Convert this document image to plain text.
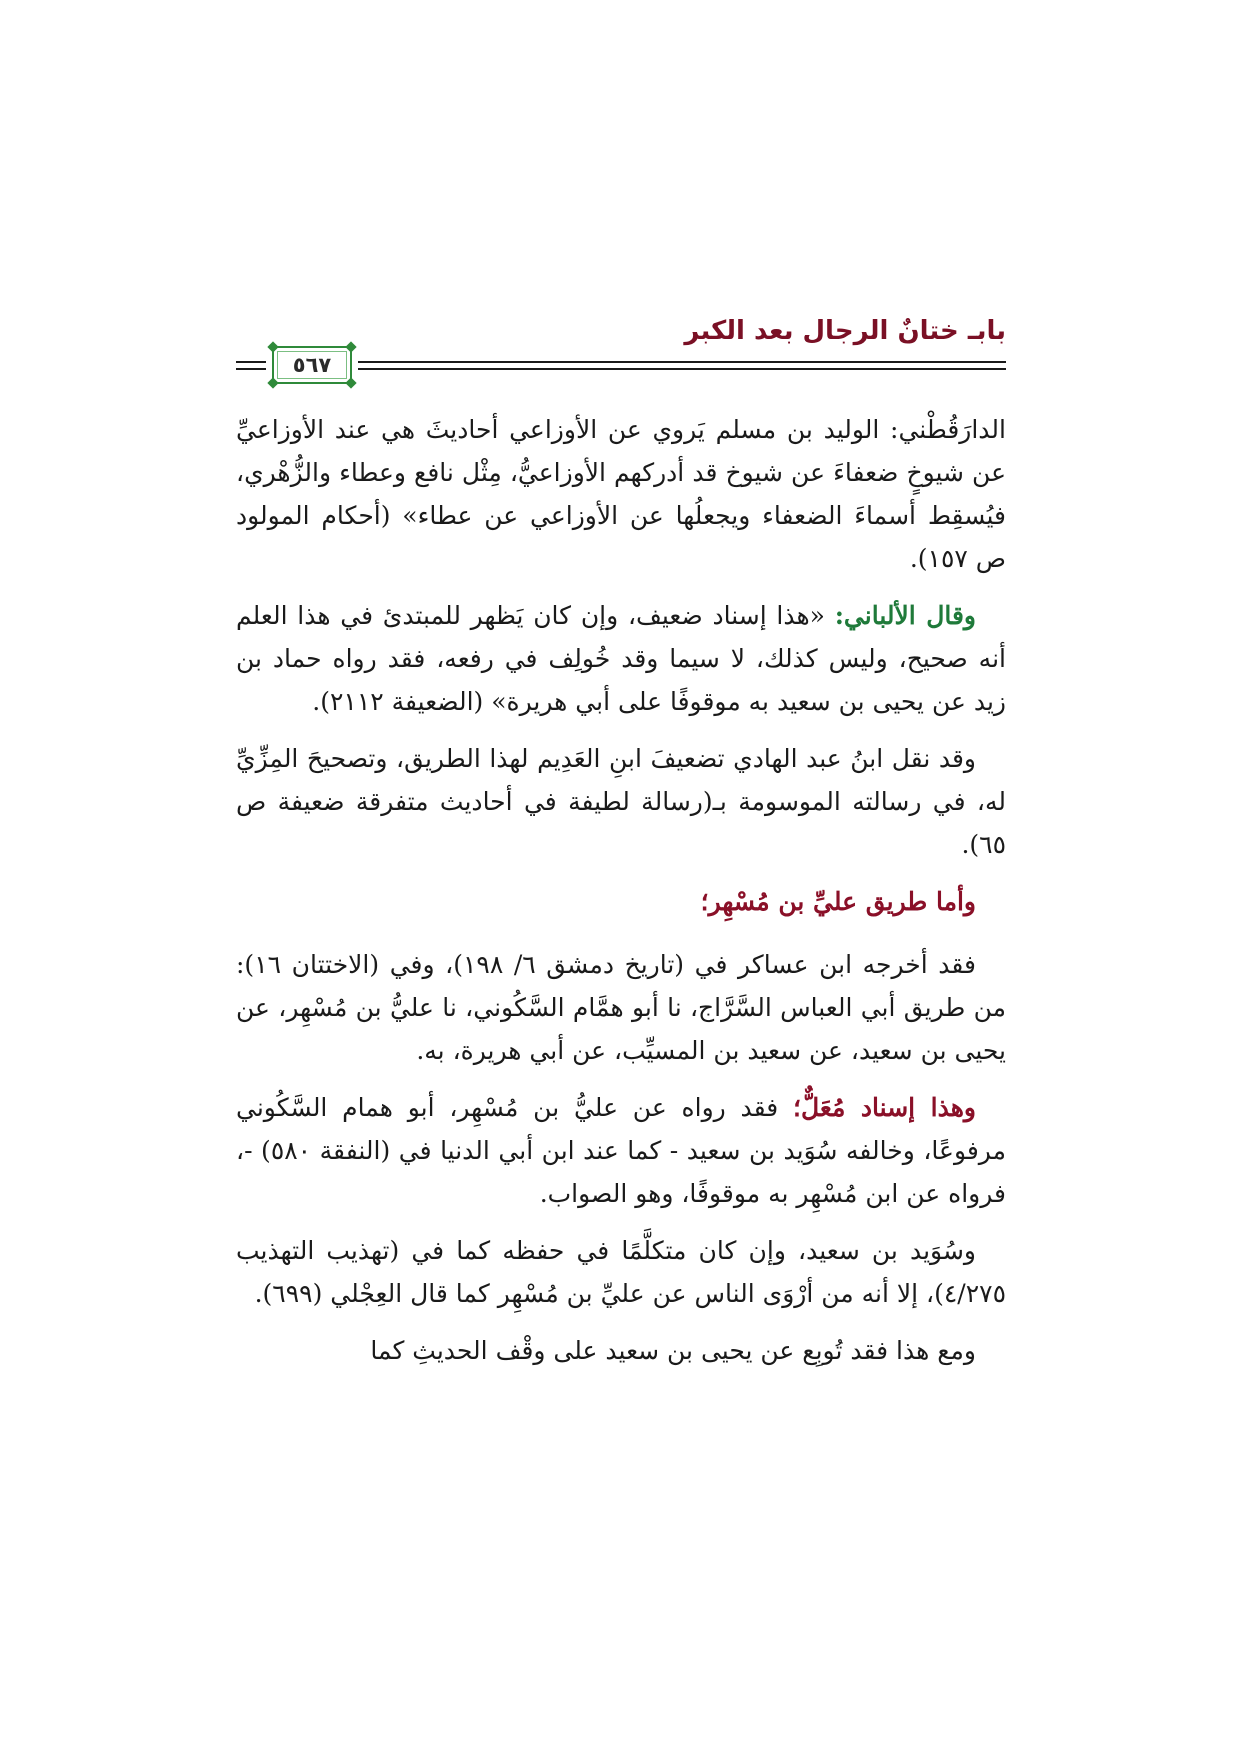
بابـ ختانٌ الرجال بعد الكبر
٥٦٧

الدارَقُطْني: الوليد بن مسلم يَروي عن الأوزاعي أحاديثَ هي عند الأوزاعيِّ عن شيوخٍ ضعفاءَ عن شيوخ قد أدركهم الأوزاعيُّ، مِثْل نافع وعطاء والزُّهْري، فيُسقِط أسماءَ الضعفاء ويجعلُها عن الأوزاعي عن عطاء» (أحكام المولود ص ١٥٧).

وقال الألباني: «هذا إسناد ضعيف، وإن كان يَظهر للمبتدئ في هذا العلم أنه صحيح، وليس كذلك، لا سيما وقد خُولِف في رفعه، فقد رواه حماد بن زيد عن يحيى بن سعيد به موقوفًا على أبي هريرة» (الضعيفة ٢١١٢).

وقد نقل ابنُ عبد الهادي تضعيفَ ابنِ العَدِيم لهذا الطريق، وتصحيحَ المِزِّيِّ له، في رسالته الموسومة بـ(رسالة لطيفة في أحاديث متفرقة ضعيفة ص ٦٥).

وأما طريق عليِّ بن مُسْهِر؛

فقد أخرجه ابن عساكر في (تاريخ دمشق ٦/ ١٩٨)، وفي (الاختتان ١٦): من طريق أبي العباس السَّرَّاج، نا أبو همَّام السَّكُوني، نا عليُّ بن مُسْهِر، عن يحيى بن سعيد، عن سعيد بن المسيِّب، عن أبي هريرة، به.

وهذا إسناد مُعَلٌّ؛ فقد رواه عن عليُّ بن مُسْهِر، أبو همام السَّكُوني مرفوعًا، وخالفه سُوَيد بن سعيد - كما عند ابن أبي الدنيا في (النفقة ٥٨٠) -، فرواه عن ابن مُسْهِر به موقوفًا، وهو الصواب.

وسُوَيد بن سعيد، وإن كان متكلَّمًا في حفظه كما في (تهذيب التهذيب ٤/٢٧٥)، إلا أنه من أرْوَى الناس عن عليِّ بن مُسْهِر كما قال العِجْلي (٦٩٩).

ومع هذا فقد تُوبِع عن يحيى بن سعيد على وقْف الحديثِ كما
